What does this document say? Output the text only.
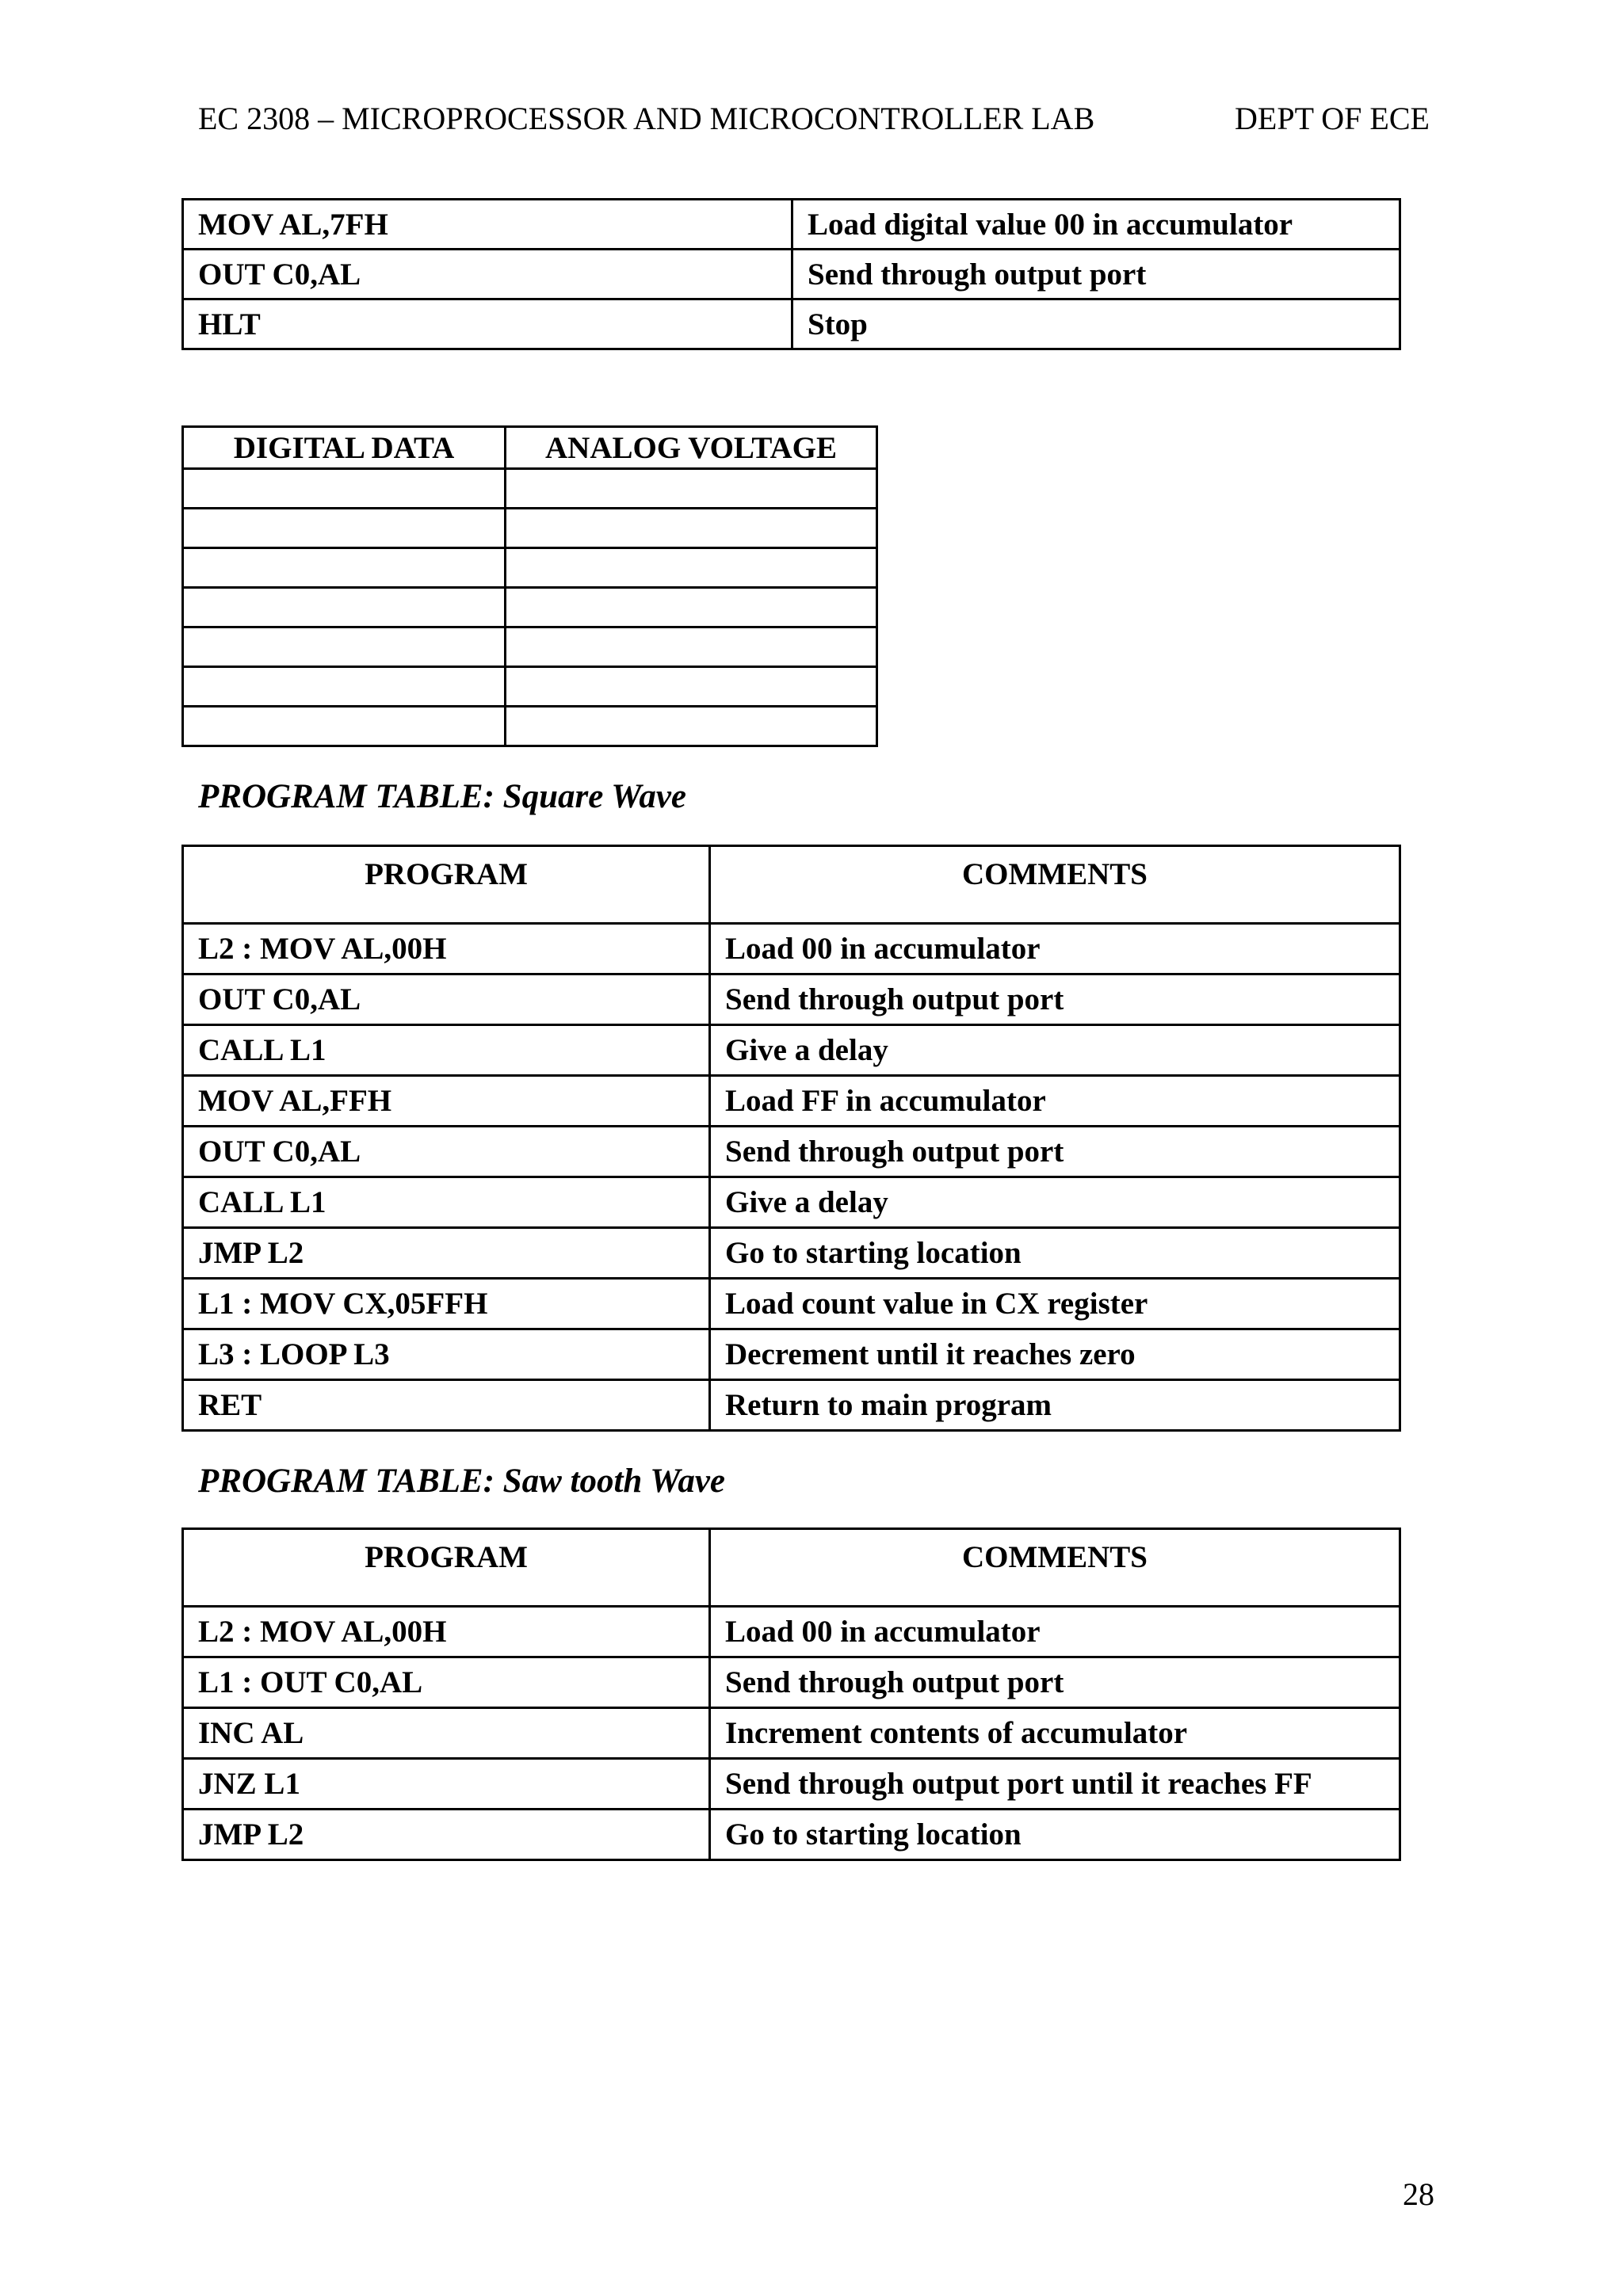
EC 2308 – MICROPROCESSOR AND MICROCONTROLLER LAB	DEPT OF ECE
MOV AL,7FH	Load digital value 00 in accumulator
OUT C0,AL	Send through output port
HLT	Stop
DIGITAL DATA	ANALOG VOLTAGE

PROGRAM TABLE: Square Wave
PROGRAM	COMMENTS
L2 : MOV AL,00H	Load 00 in accumulator
OUT C0,AL	Send through output port
CALL L1	Give a delay
MOV AL,FFH	Load FF in accumulator
OUT C0,AL	Send through output port
CALL L1	Give a delay
JMP L2	Go to starting location
L1 : MOV CX,05FFH	Load count value in CX register
L3 : LOOP L3	Decrement until it reaches zero
RET	Return to main program
PROGRAM TABLE: Saw tooth Wave
PROGRAM	COMMENTS
L2 : MOV AL,00H	Load 00 in accumulator
L1 : OUT C0,AL	Send through output port
INC AL	Increment contents of accumulator
JNZ L1	Send through output port until it reaches FF
JMP L2	Go to starting location
28
